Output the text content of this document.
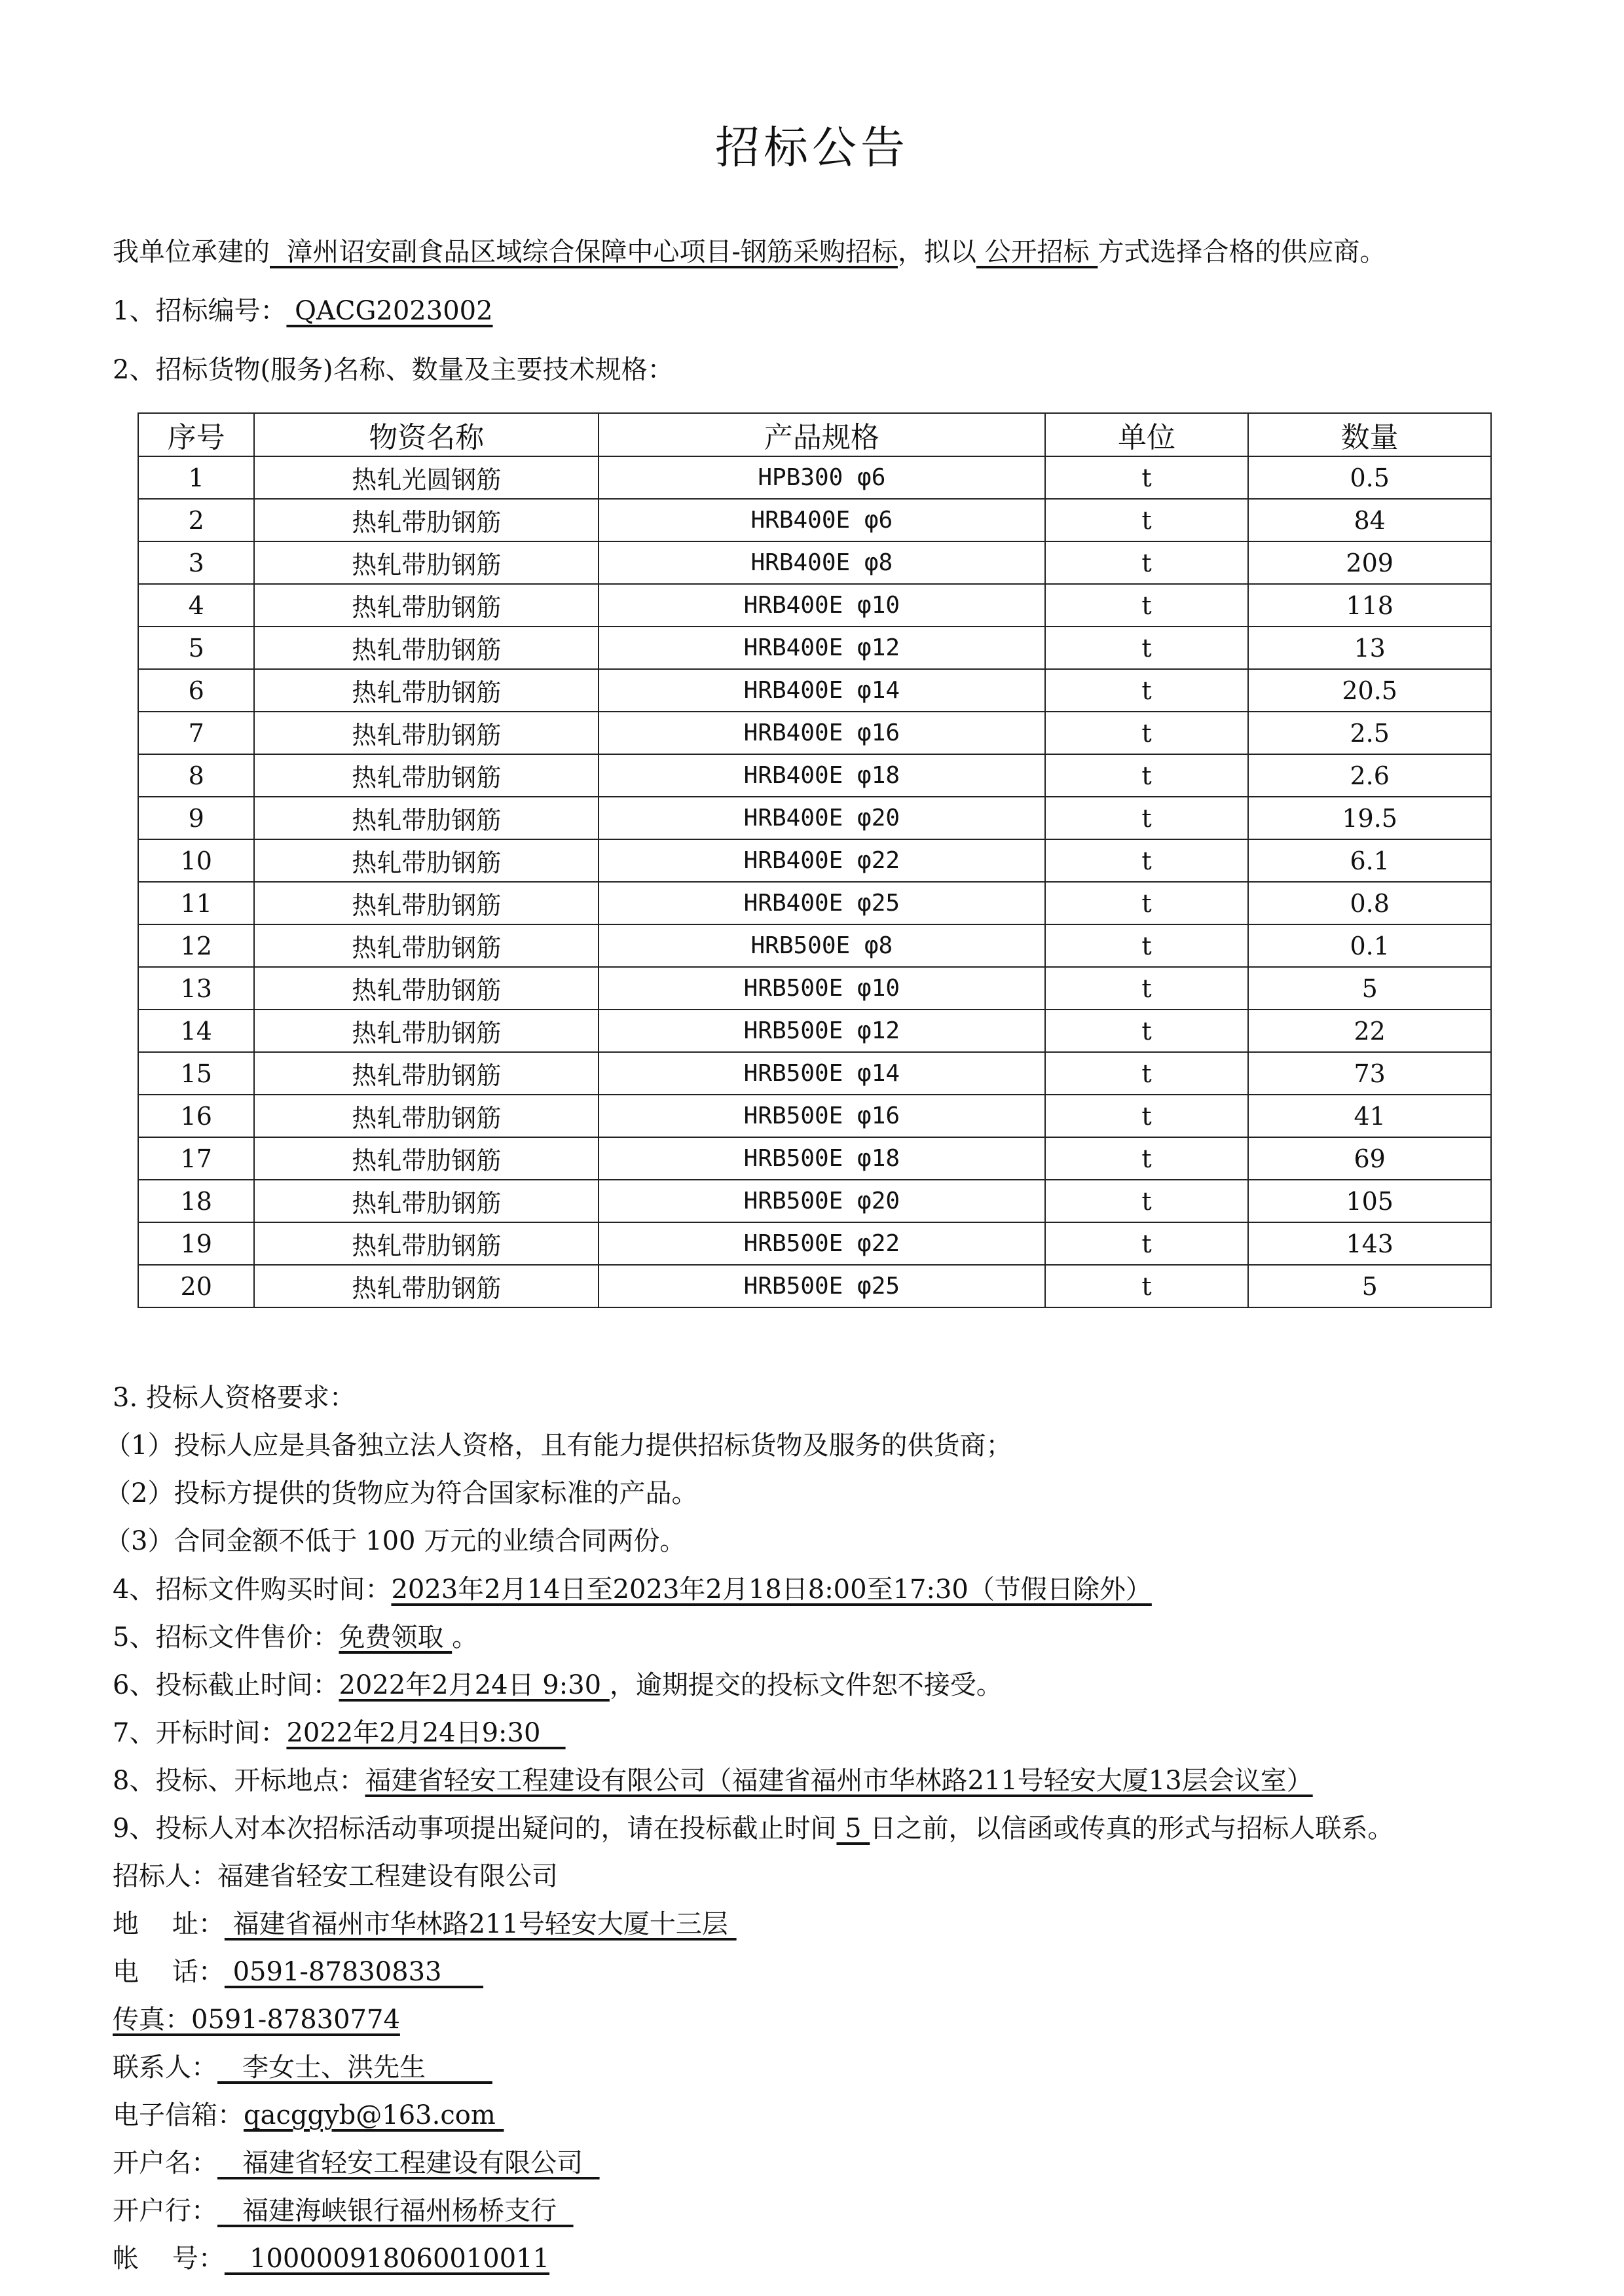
招标公告
我单位承建的  漳州诏安副食品区域综合保障中心项目-钢筋采购招标，拟以 公开招标 方式选择合格的供应商。
1、招标编号： QACG2023002
2、招标货物(服务)名称、数量及主要技术规格：
序号	物资名称	产品规格	单位	数量
1	热轧光圆钢筋	HPB300 φ6	t	0.5
2	热轧带肋钢筋	HRB400E φ6	t	84
3	热轧带肋钢筋	HRB400E φ8	t	209
4	热轧带肋钢筋	HRB400E φ10	t	118
5	热轧带肋钢筋	HRB400E φ12	t	13
6	热轧带肋钢筋	HRB400E φ14	t	20.5
7	热轧带肋钢筋	HRB400E φ16	t	2.5
8	热轧带肋钢筋	HRB400E φ18	t	2.6
9	热轧带肋钢筋	HRB400E φ20	t	19.5
10	热轧带肋钢筋	HRB400E φ22	t	6.1
11	热轧带肋钢筋	HRB400E φ25	t	0.8
12	热轧带肋钢筋	HRB500E φ8	t	0.1
13	热轧带肋钢筋	HRB500E φ10	t	5
14	热轧带肋钢筋	HRB500E φ12	t	22
15	热轧带肋钢筋	HRB500E φ14	t	73
16	热轧带肋钢筋	HRB500E φ16	t	41
17	热轧带肋钢筋	HRB500E φ18	t	69
18	热轧带肋钢筋	HRB500E φ20	t	105
19	热轧带肋钢筋	HRB500E φ22	t	143
20	热轧带肋钢筋	HRB500E φ25	t	5
3. 投标人资格要求：
（1）投标人应是具备独立法人资格，且有能力提供招标货物及服务的供货商；
（2）投标方提供的货物应为符合国家标准的产品。
（3）合同金额不低于 100 万元的业绩合同两份。
4、招标文件购买时间：2023年2月14日至2023年2月18日8:00至17:30（节假日除外）
5、招标文件售价：免费领取 。
6、投标截止时间：2022年2月24日 9:30 ，逾期提交的投标文件恕不接受。
7、开标时间：2022年2月24日9:30
8、投标、开标地点：福建省轻安工程建设有限公司（福建省福州市华林路211号轻安大厦13层会议室）
9、投标人对本次招标活动事项提出疑问的，请在投标截止时间 5 日之前，以信函或传真的形式与招标人联系。
招标人：福建省轻安工程建设有限公司
地    址： 福建省福州市华林路211号轻安大厦十三层
电    话： 0591-87830833
传真：0591-87830774
联系人：   李女士、洪先生
电子信箱：qacggyb@163.com
开户名：   福建省轻安工程建设有限公司
开户行：   福建海峡银行福州杨桥支行
帐    号：   100000918060010011
